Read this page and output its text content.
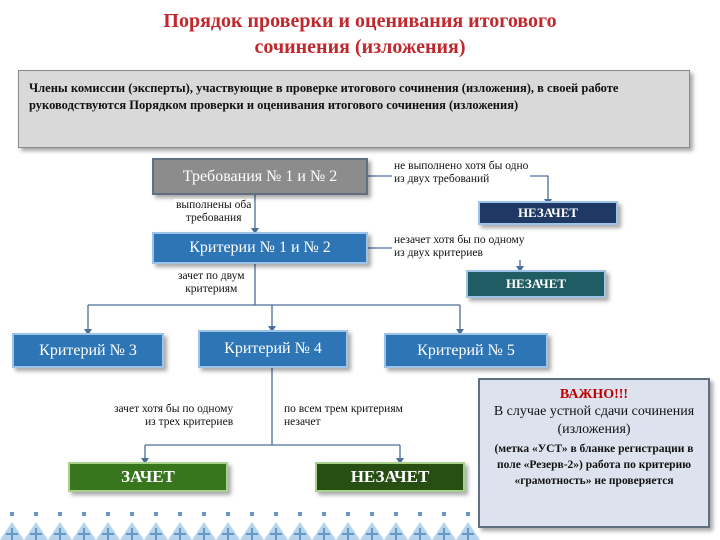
Порядок проверки и оценивания итогового
сочинения (изложения)
Члены комиссии (эксперты), участвующие в проверке итогового сочинения (изложения), в своей работе руководствуются Порядком проверки и оценивания итогового сочинения (изложения)
Требования № 1 и № 2
НЕЗАЧЕТ
Критерии № 1 и № 2
НЕЗАЧЕТ
Критерий № 3	Критерий № 4	Критерий № 5
ЗАЧЕТ	НЕЗАЧЕТ
не выполнено хотя бы одно
из двух требований
выполнены оба
требования
незачет хотя бы по одному
из двух критериев
зачет по двум
критериям
зачет хотя бы по одному
из трех критериев
по всем трем критериям
незачет
ВАЖНО!!!
В случае устной сдачи сочинения (изложения)
(метка «УСТ» в бланке регистрации в поле «Резерв-2») работа по критерию «грамотность» не проверяется
